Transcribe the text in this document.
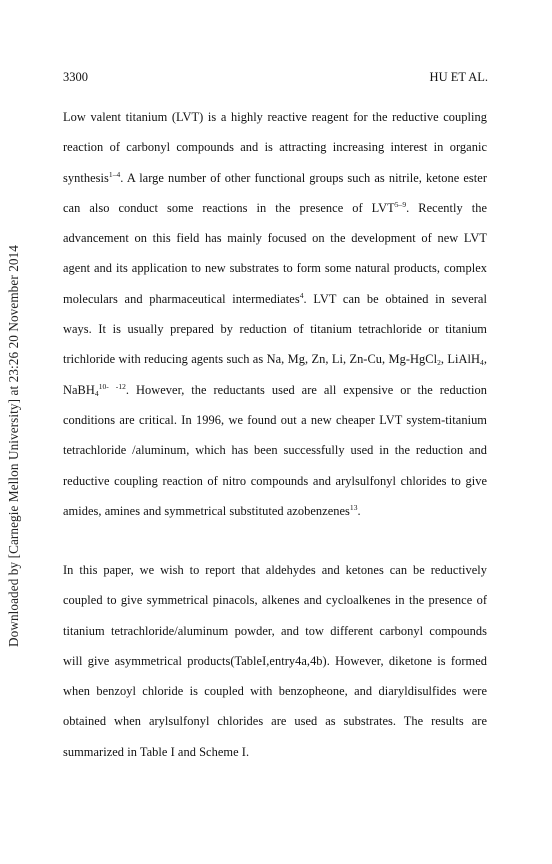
Downloaded by [Carnegie Mellon University] at 23:26 20 November 2014
3300	HU ET AL.

Low valent titanium (LVT) is a highly reactive reagent for the reductive coupling reaction of carbonyl compounds and is attracting increasing interest in organic synthesis$^{1-4}$. A large number of other functional groups such as nitrile, ketone ester can also conduct some reactions in the presence of LVT$^{5-9}$. Recently the advancement on this field has mainly focused on the development of new LVT agent and its application to new substrates to form some natural products, complex moleculars and pharmaceutical intermediates$^4$. LVT can be obtained in several ways. It is usually prepared by reduction of titanium tetrachloride or titanium trichloride with reducing agents such as Na, Mg, Zn, Li, Zn-Cu, Mg-HgCl$_2$, LiAlH$_4$, NaBH$_4^{10-}$ $^{-12}$. However, the reductants used are all expensive or the reduction conditions are critical. In 1996, we found out a new cheaper LVT system-titanium tetrachloride /aluminum, which has been successfully used in the reduction and reductive coupling reaction of nitro compounds and arylsulfonyl chlorides to give amides, amines and symmetrical substituted azobenzenes$^{13}$.

In this paper, we wish to report that aldehydes and ketones can be reductively coupled to give symmetrical pinacols, alkenes and cycloalkenes in the presence of titanium tetrachloride/aluminum powder, and tow different carbonyl compounds will give asymmetrical products(TableI,entry4a,4b). However, diketone is formed when benzoyl chloride is coupled with benzopheone, and diaryldisulfides were obtained when arylsulfonyl chlorides are used as substrates. The results are summarized in Table I and Scheme I.
